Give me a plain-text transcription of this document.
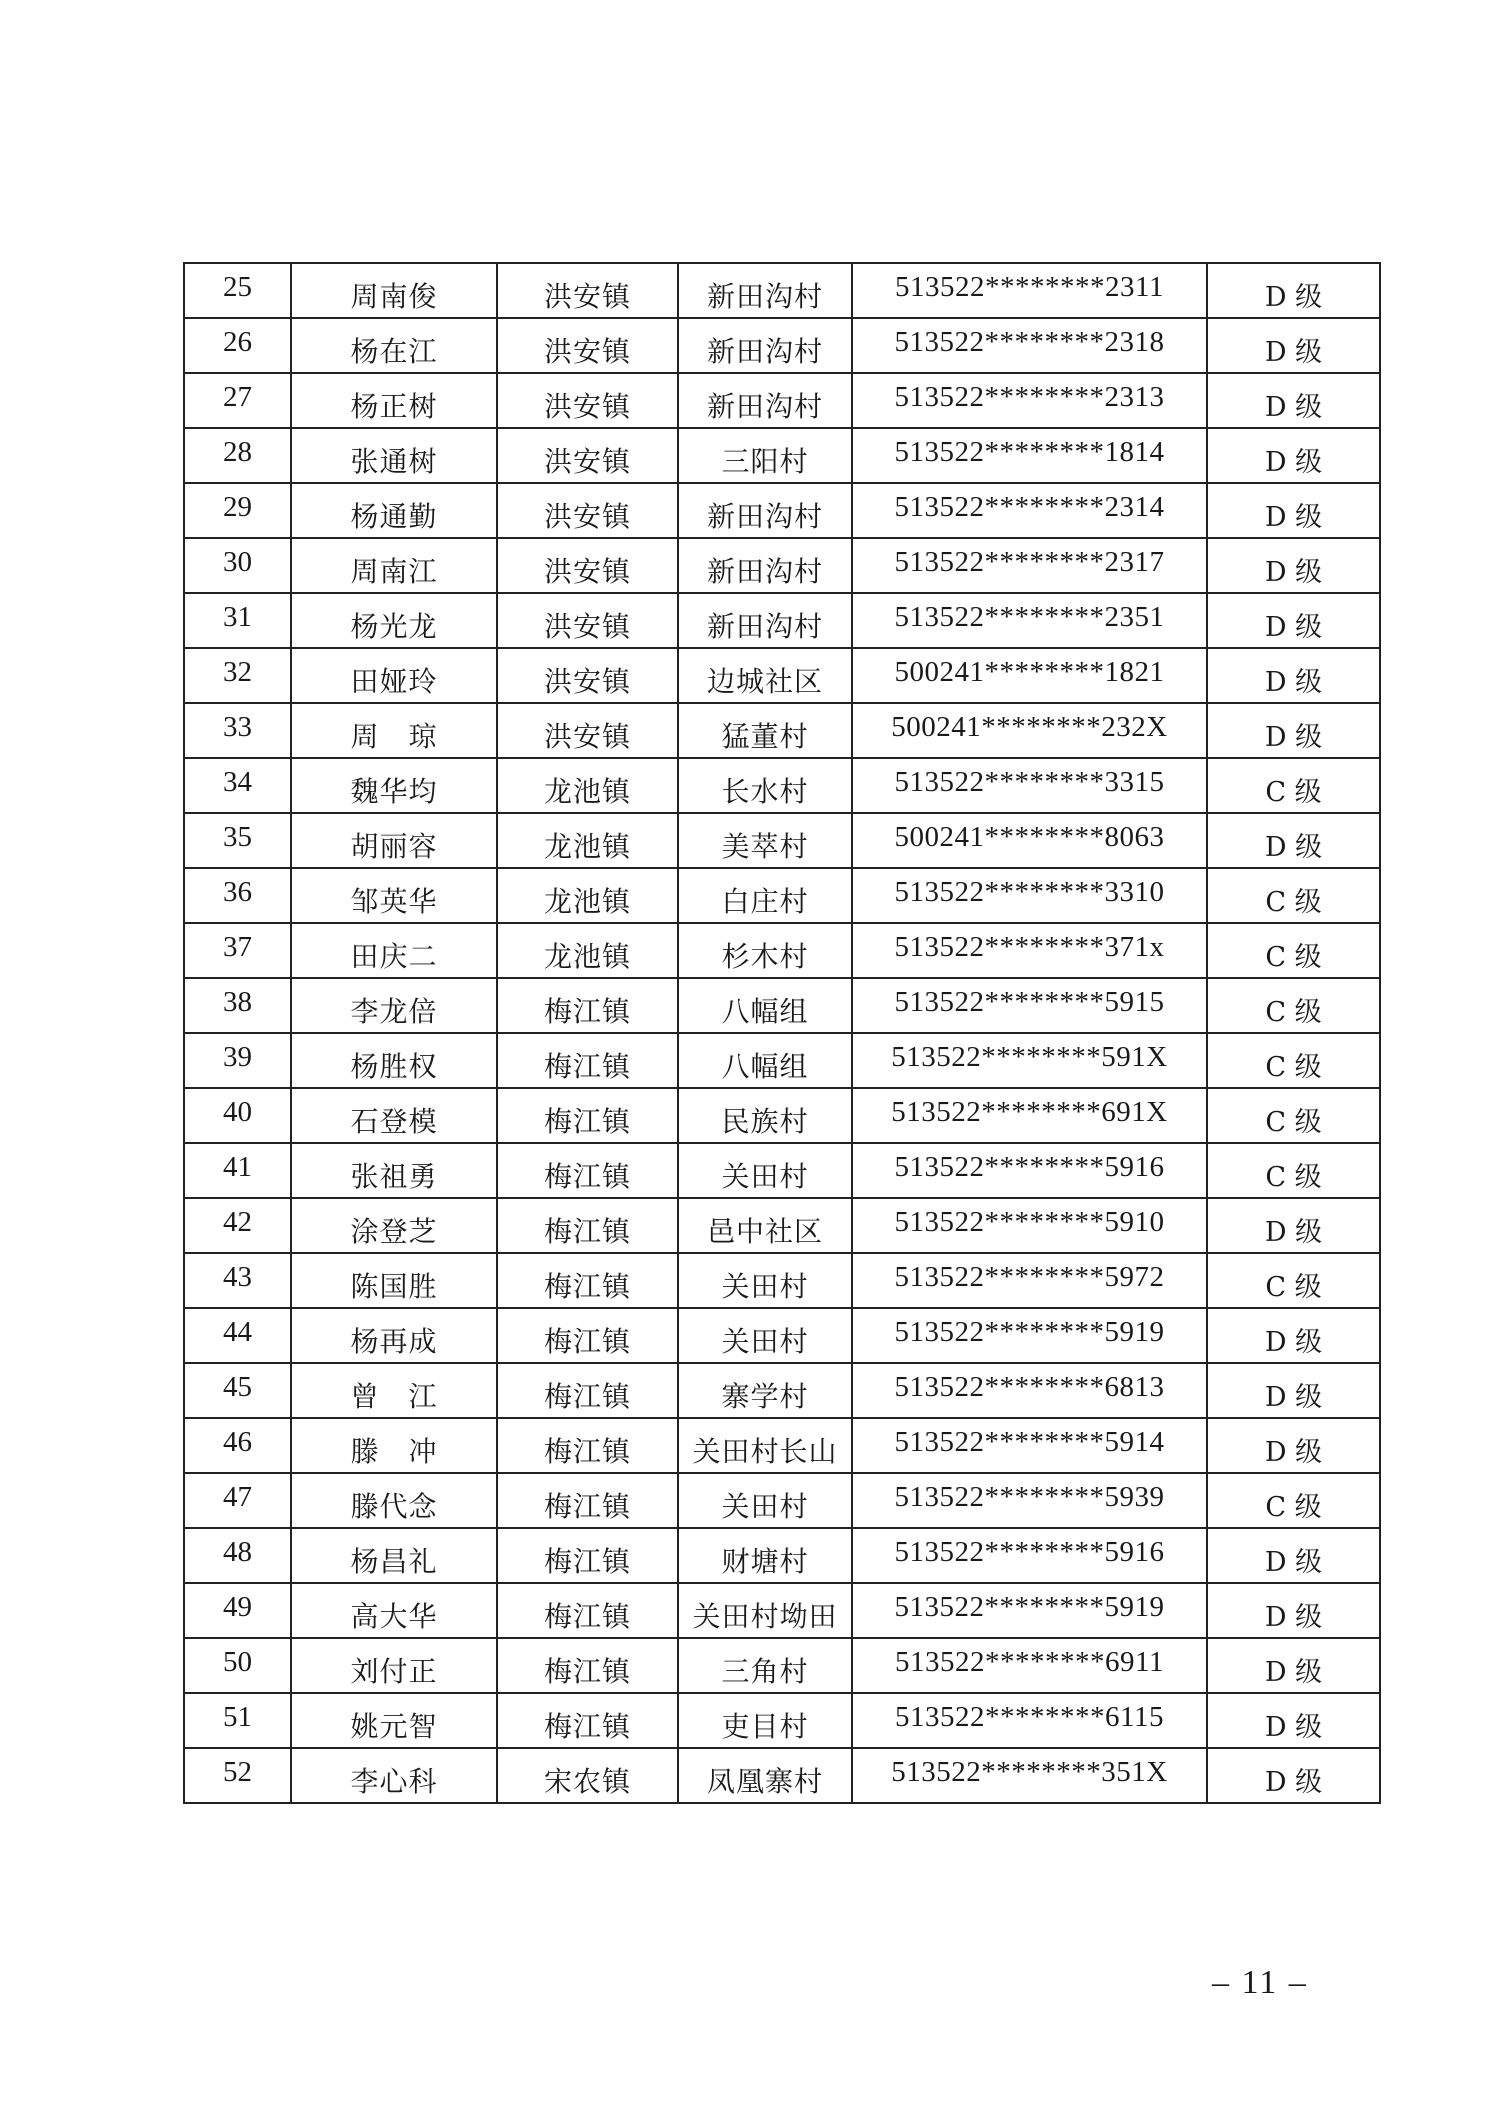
25	周南俊	洪安镇	新田沟村	513522********2311	D 级
26	杨在江	洪安镇	新田沟村	513522********2318	D 级
27	杨正树	洪安镇	新田沟村	513522********2313	D 级
28	张通树	洪安镇	三阳村	513522********1814	D 级
29	杨通勤	洪安镇	新田沟村	513522********2314	D 级
30	周南江	洪安镇	新田沟村	513522********2317	D 级
31	杨光龙	洪安镇	新田沟村	513522********2351	D 级
32	田娅玲	洪安镇	边城社区	500241********1821	D 级
33	周　琼	洪安镇	猛董村	500241********232X	D 级
34	魏华均	龙池镇	长水村	513522********3315	C 级
35	胡丽容	龙池镇	美萃村	500241********8063	D 级
36	邹英华	龙池镇	白庄村	513522********3310	C 级
37	田庆二	龙池镇	杉木村	513522********371x	C 级
38	李龙倍	梅江镇	八幅组	513522********5915	C 级
39	杨胜权	梅江镇	八幅组	513522********591X	C 级
40	石登模	梅江镇	民族村	513522********691X	C 级
41	张祖勇	梅江镇	关田村	513522********5916	C 级
42	涂登芝	梅江镇	邑中社区	513522********5910	D 级
43	陈国胜	梅江镇	关田村	513522********5972	C 级
44	杨再成	梅江镇	关田村	513522********5919	D 级
45	曾　江	梅江镇	寨学村	513522********6813	D 级
46	滕　冲	梅江镇	关田村长山	513522********5914	D 级
47	滕代念	梅江镇	关田村	513522********5939	C 级
48	杨昌礼	梅江镇	财塘村	513522********5916	D 级
49	高大华	梅江镇	关田村坳田	513522********5919	D 级
50	刘付正	梅江镇	三角村	513522********6911	D 级
51	姚元智	梅江镇	吏目村	513522********6115	D 级
52	李心科	宋农镇	凤凰寨村	513522********351X	D 级
– 11 –
